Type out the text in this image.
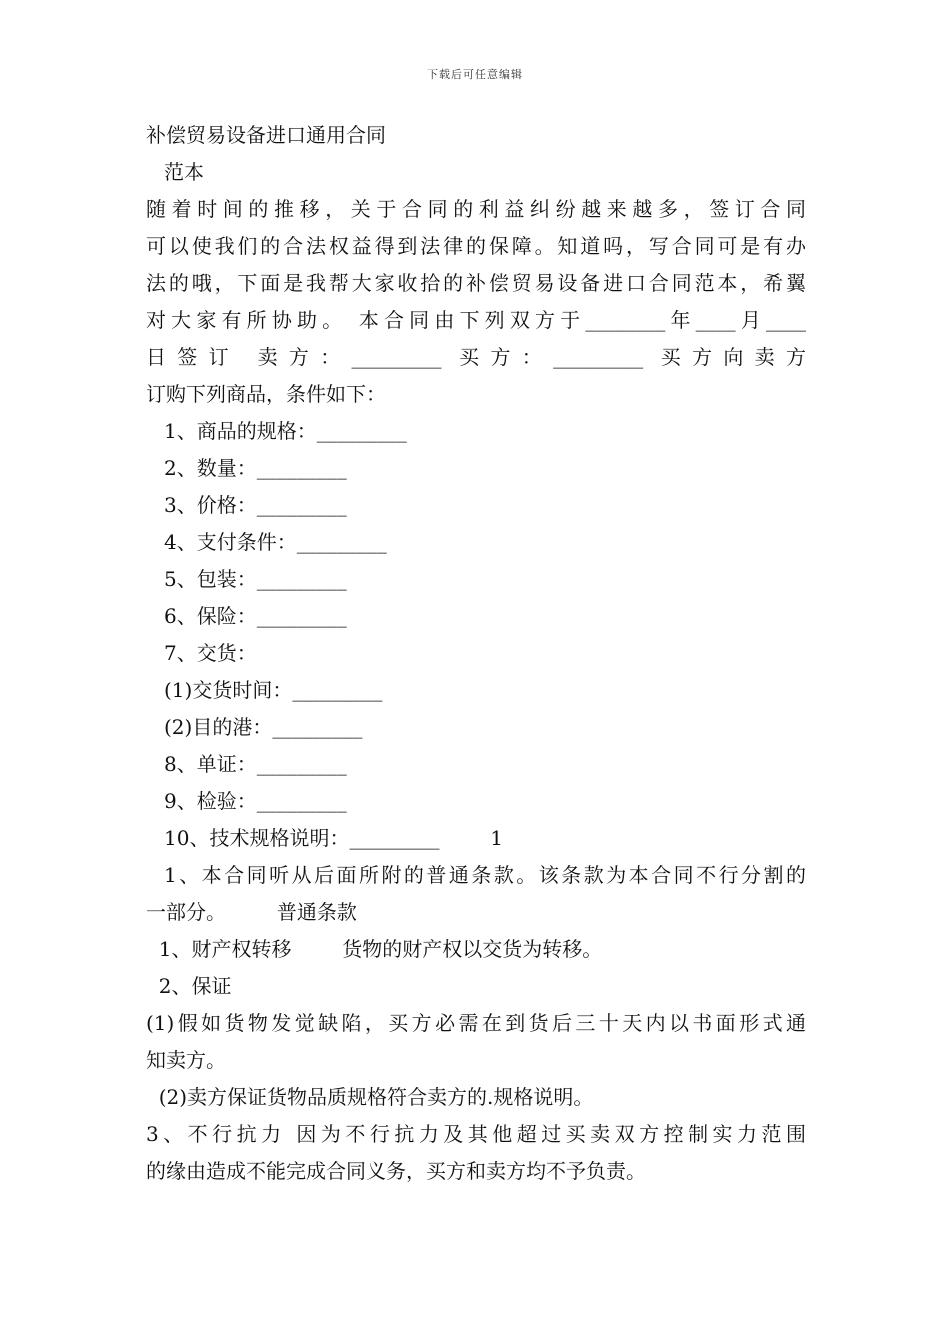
下载后可任意编辑
补偿贸易设备进口通用合同
范本
随着时间的推移，关于合同的利益纠纷越来越多，签订合同
可以使我们的合法权益得到法律的保障。知道吗，写合同可是有办
法的哦，下面是我帮大家收拾的补偿贸易设备进口合同范本，希翼
对大家有所协助。 本合同由下列双方于________年____月____
日签订 卖方：_________ 买方：_________ 买方向卖方
订购下列商品，条件如下：
1、商品的规格：_________
2、数量：_________
3、价格：_________
4、支付条件：_________
5、包装：_________
6、保险：_________
7、交货：
(1)交货时间：_________
(2)目的港：_________
8、单证：_________
9、检验：_________
10、技术规格说明：_________        1
1、本合同听从后面所附的普通条款。该条款为本合同不行分割的
一部分。        普通条款
1、财产权转移        货物的财产权以交货为转移。
2、保证
(1)假如货物发觉缺陷，买方必需在到货后三十天内以书面形式通
知卖方。
(2)卖方保证货物品质规格符合卖方的.规格说明。
3、不行抗力 因为不行抗力及其他超过买卖双方控制实力范围
的缘由造成不能完成合同义务，买方和卖方均不予负责。
